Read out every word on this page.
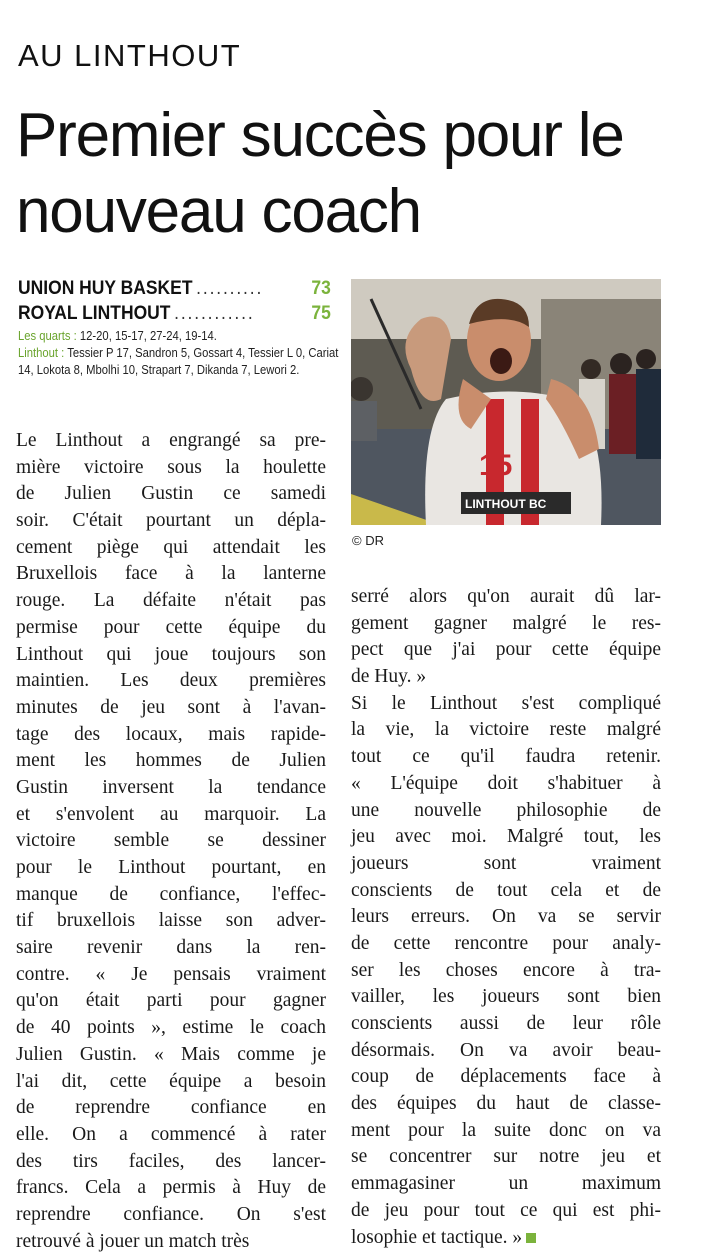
AU LINTHOUT
Premier succès pour le nouveau coach
UNION HUY BASKET ..........	73
ROYAL LINTHOUT ............	75
Les quarts : 12-20, 15-17, 27-24, 19-14.
Linthout : Tessier P 17, Sandron 5, Gossart 4, Tessier L 0, Cariat 14, Lokota 8, Mbolhi 10, Strapart 7, Dikanda 7, Lewori 2.
15
LINTHOUT BC
© DR
Le Linthout a engrangé sa pre-
mière victoire sous la houlette
de Julien Gustin ce samedi
soir. C'était pourtant un dépla-
cement piège qui attendait les
Bruxellois face à la lanterne
rouge. La défaite n'était pas
permise pour cette équipe du
Linthout qui joue toujours son
maintien. Les deux premières
minutes de jeu sont à l'avan-
tage des locaux, mais rapide-
ment les hommes de Julien
Gustin inversent la tendance
et s'envolent au marquoir. La
victoire semble se dessiner
pour le Linthout pourtant, en
manque de confiance, l'effec-
tif bruxellois laisse son adver-
saire revenir dans la ren-
contre. « Je pensais vraiment
qu'on était parti pour gagner
de 40 points », estime le coach
Julien Gustin. « Mais comme je
l'ai dit, cette équipe a besoin
de reprendre confiance en
elle. On a commencé à rater
des tirs faciles, des lancer-
francs. Cela a permis à Huy de
reprendre confiance. On s'est
retrouvé à jouer un match très
serré alors qu'on aurait dû lar-
gement gagner malgré le res-
pect que j'ai pour cette équipe
de Huy. »
Si le Linthout s'est compliqué
la vie, la victoire reste malgré
tout ce qu'il faudra retenir.
« L'équipe doit s'habituer à
une nouvelle philosophie de
jeu avec moi. Malgré tout, les
joueurs sont vraiment
conscients de tout cela et de
leurs erreurs. On va se servir
de cette rencontre pour analy-
ser les choses encore à tra-
vailler, les joueurs sont bien
conscients aussi de leur rôle
désormais. On va avoir beau-
coup de déplacements face à
des équipes du haut de classe-
ment pour la suite donc on va
se concentrer sur notre jeu et
emmagasiner un maximum
de jeu pour tout ce qui est phi-
losophie et tactique. »
